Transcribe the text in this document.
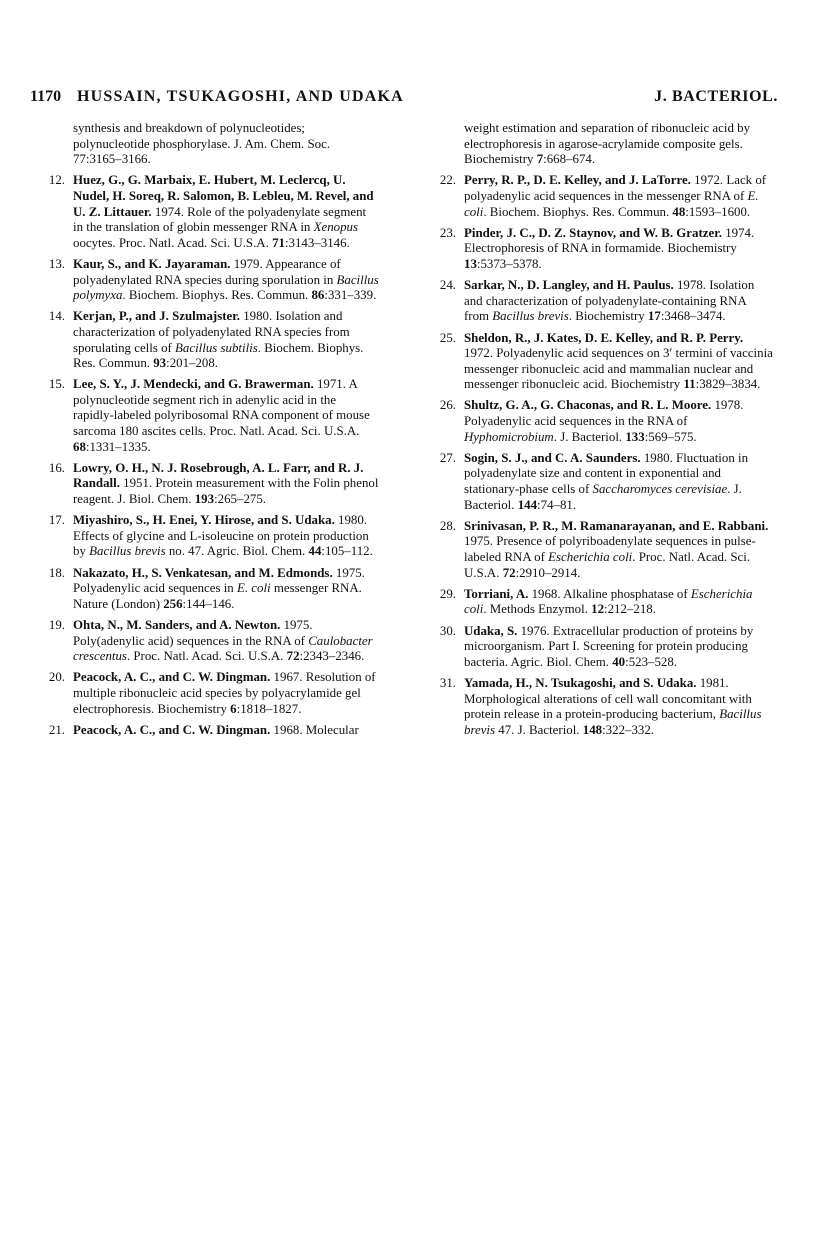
1170 HUSSAIN, TSUKAGOSHI, AND UDAKA	J. BACTERIOL.
synthesis and breakdown of polynucleotides; polynucleotide phosphorylase. J. Am. Chem. Soc. 77:3165–3166.
12. Huez, G., G. Marbaix, E. Hubert, M. Leclercq, U. Nudel, H. Soreq, R. Salomon, B. Lebleu, M. Revel, and U. Z. Littauer. 1974. Role of the polyadenylate segment in the translation of globin messenger RNA in Xenopus oocytes. Proc. Natl. Acad. Sci. U.S.A. 71:3143–3146.
13. Kaur, S., and K. Jayaraman. 1979. Appearance of polyadenylated RNA species during sporulation in Bacillus polymyxa. Biochem. Biophys. Res. Commun. 86:331–339.
14. Kerjan, P., and J. Szulmajster. 1980. Isolation and characterization of polyadenylated RNA species from sporulating cells of Bacillus subtilis. Biochem. Biophys. Res. Commun. 93:201–208.
15. Lee, S. Y., J. Mendecki, and G. Brawerman. 1971. A polynucleotide segment rich in adenylic acid in the rapidly-labeled polyribosomal RNA component of mouse sarcoma 180 ascites cells. Proc. Natl. Acad. Sci. U.S.A. 68:1331–1335.
16. Lowry, O. H., N. J. Rosebrough, A. L. Farr, and R. J. Randall. 1951. Protein measurement with the Folin phenol reagent. J. Biol. Chem. 193:265–275.
17. Miyashiro, S., H. Enei, Y. Hirose, and S. Udaka. 1980. Effects of glycine and L-isoleucine on protein production by Bacillus brevis no. 47. Agric. Biol. Chem. 44:105–112.
18. Nakazato, H., S. Venkatesan, and M. Edmonds. 1975. Polyadenylic acid sequences in E. coli messenger RNA. Nature (London) 256:144–146.
19. Ohta, N., M. Sanders, and A. Newton. 1975. Poly(adenylic acid) sequences in the RNA of Caulobacter crescentus. Proc. Natl. Acad. Sci. U.S.A. 72:2343–2346.
20. Peacock, A. C., and C. W. Dingman. 1967. Resolution of multiple ribonucleic acid species by polyacrylamide gel electrophoresis. Biochemistry 6:1818–1827.
21. Peacock, A. C., and C. W. Dingman. 1968. Molecular
weight estimation and separation of ribonucleic acid by electrophoresis in agarose-acrylamide composite gels. Biochemistry 7:668–674.
22. Perry, R. P., D. E. Kelley, and J. LaTorre. 1972. Lack of polyadenylic acid sequences in the messenger RNA of E. coli. Biochem. Biophys. Res. Commun. 48:1593–1600.
23. Pinder, J. C., D. Z. Staynov, and W. B. Gratzer. 1974. Electrophoresis of RNA in formamide. Biochemistry 13:5373–5378.
24. Sarkar, N., D. Langley, and H. Paulus. 1978. Isolation and characterization of polyadenylate-containing RNA from Bacillus brevis. Biochemistry 17:3468–3474.
25. Sheldon, R., J. Kates, D. E. Kelley, and R. P. Perry. 1972. Polyadenylic acid sequences on 3′ termini of vaccinia messenger ribonucleic acid and mammalian nuclear and messenger ribonucleic acid. Biochemistry 11:3829–3834.
26. Shultz, G. A., G. Chaconas, and R. L. Moore. 1978. Polyadenylic acid sequences in the RNA of Hyphomicrobium. J. Bacteriol. 133:569–575.
27. Sogin, S. J., and C. A. Saunders. 1980. Fluctuation in polyadenylate size and content in exponential and stationary-phase cells of Saccharomyces cerevisiae. J. Bacteriol. 144:74–81.
28. Srinivasan, P. R., M. Ramanarayanan, and E. Rabbani. 1975. Presence of polyriboadenylate sequences in pulse-labeled RNA of Escherichia coli. Proc. Natl. Acad. Sci. U.S.A. 72:2910–2914.
29. Torriani, A. 1968. Alkaline phosphatase of Escherichia coli. Methods Enzymol. 12:212–218.
30. Udaka, S. 1976. Extracellular production of proteins by microorganism. Part I. Screening for protein producing bacteria. Agric. Biol. Chem. 40:523–528.
31. Yamada, H., N. Tsukagoshi, and S. Udaka. 1981. Morphological alterations of cell wall concomitant with protein release in a protein-producing bacterium, Bacillus brevis 47. J. Bacteriol. 148:322–332.
